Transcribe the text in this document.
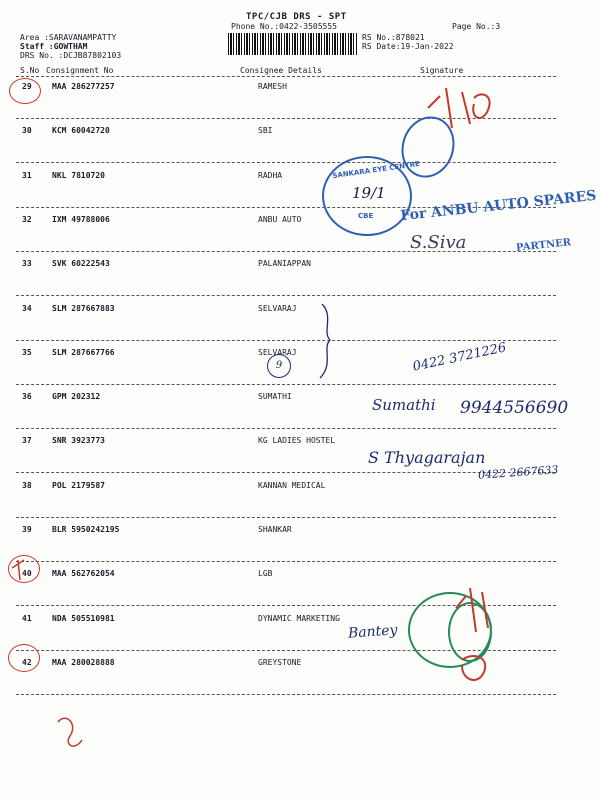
TPC/CJB DRS - SPT
Phone No.:0422-3505555	Page No.:3
Area :SARAVANAMPATTY
Staff :GOWTHAM
DRS No. :DCJB87802103
RS No.:878021
RS Date:19-Jan-2022
S.No Consignment No	Consignee Details	Signature
29	MAA 286277257	RAMESH
30	KCM 60042720	SBI
31	NKL 7810720	RADHA
32	IXM 49788006	ANBU AUTO
33	SVK 60222543	PALANIAPPAN
34	SLM 287667883	SELVARAJ
35	SLM 287667766	SELVARAJ
36	GPM 202312	SUMATHI
37	SNR 3923773	KG LADIES HOSTEL
38	POL 2179587	KANNAN MEDICAL
39	BLR 5950242195	SHANKAR
40	MAA 562762054	LGB
41	NDA 505510981	DYNAMIC MARKETING
42	MAA 280028888	GREYSTONE
SANKARA EYE CENTRE
19/1
CBE For ANBU AUTO SPARES
PARTNER
S.Siva
0422 3721226
Sumathi 9944556690
S Thyagarajan
0422 2667633
Bantey
9
